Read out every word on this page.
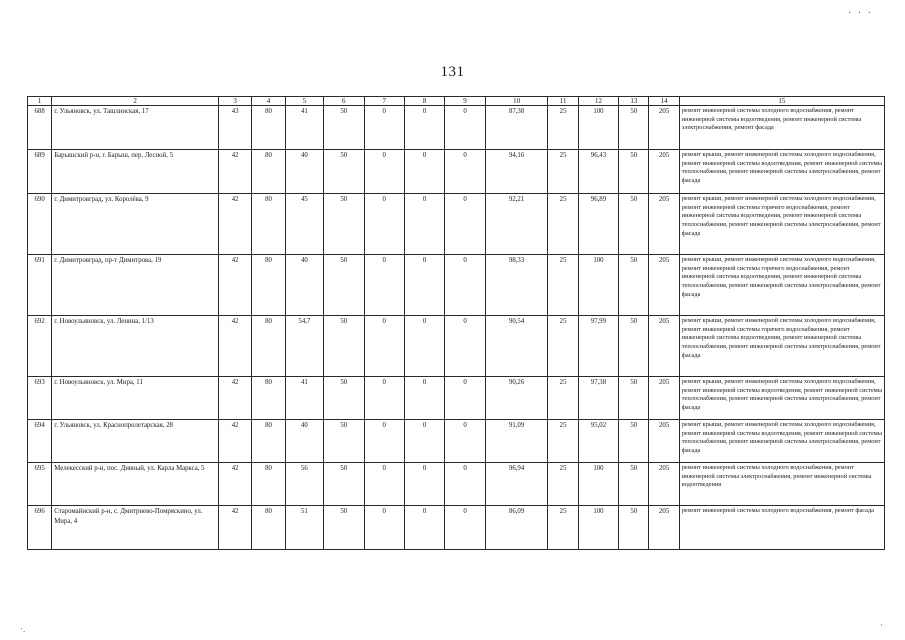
· · ·
131
1	2	3	4	5	6	7	8	9	10	11	12	13	14	15
688	г. Ульяновск, ул. Ташлинская, 17	43	80	41	50	0	0	0	87,38	25	100	50	205	ремонт инженерной системы холодного водоснабжения, ремонт инженерной системы водоотведения, ремонт инженерной системы электроснабжения, ремонт фасада
689	Барышский р-н, г. Барыш, пер. Лесной, 5	42	80	40	50	0	0	0	94,16	25	96,43	50	205	ремонт крыши, ремонт инженерной системы холодного водоснабжения, ремонт инженерной системы водоотведения, ремонт инженерной системы теплоснабжения, ремонт инженерной системы электроснабжения, ремонт фасада
690	г. Димитровград, ул. Королёва, 9	42	80	45	50	0	0	0	92,21	25	96,89	50	205	ремонт крыши, ремонт инженерной системы холодного водоснабжения, ремонт инженерной системы горячего водоснабжения, ремонт инженерной системы водоотведения, ремонт инженерной системы теплоснабжения, ремонт инженерной системы электроснабжения, ремонт фасада
691	г. Димитровград, пр-т Димитрова, 19	42	80	40	50	0	0	0	98,33	25	100	50	205	ремонт крыши, ремонт инженерной системы холодного водоснабжения, ремонт инженерной системы горячего водоснабжения, ремонт инженерной системы водоотведения, ремонт инженерной системы теплоснабжения, ремонт инженерной системы электроснабжения, ремонт фасада
692	г. Новоульяновск, ул. Ленина, 1/13	42	80	54,7	50	0	0	0	90,54	25	97,99	50	205	ремонт крыши, ремонт инженерной системы холодного водоснабжения, ремонт инженерной системы горячего водоснабжения, ремонт инженерной системы водоотведения, ремонт инженерной системы теплоснабжения, ремонт инженерной системы электроснабжения, ремонт фасада
693	г. Новоульяновск, ул. Мира, 11	42	80	41	50	0	0	0	90,26	25	97,38	50	205	ремонт крыши, ремонт инженерной системы холодного водоснабжения, ремонт инженерной системы водоотведения, ремонт инженерной системы теплоснабжения, ремонт инженерной системы электроснабжения, ремонт фасада
694	г. Ульяновск, ул. Краснопролетарская, 28	42	80	40	50	0	0	0	91,09	25	95,02	50	205	ремонт крыши, ремонт инженерной системы холодного водоснабжения, ремонт инженерной системы водоотведения, ремонт инженерной системы теплоснабжения, ремонт инженерной системы электроснабжения, ремонт фасада
695	Мелекесский р-н, пос. Дивный, ул. Карла Маркса, 5	42	80	56	50	0	0	0	96,94	25	100	50	205	ремонт инженерной системы холодного водоснабжения, ремонт инженерной системы электроснабжения, ремонт инженерной системы водоотведения
696	Старомайнский р-н, с. Дмитриево-Помряскино, ул. Мира, 4	42	80	51	50	0	0	0	86,09	25	100	50	205	ремонт инженерной системы холодного водоснабжения, ремонт фасада
·.	·
